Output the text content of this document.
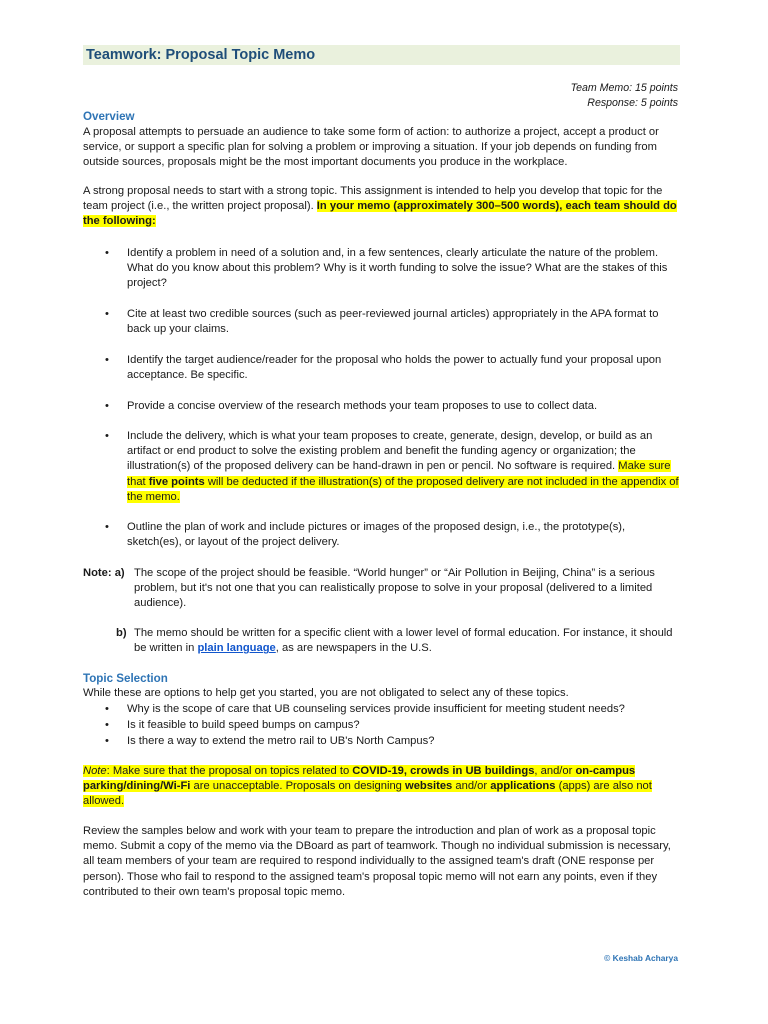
Teamwork: Proposal Topic Memo
Team Memo: 15 points
Response: 5 points
Overview
A proposal attempts to persuade an audience to take some form of action: to authorize a project, accept a product or service, or support a specific plan for solving a problem or improving a situation. If your job depends on funding from outside sources, proposals might be the most important documents you produce in the workplace.
A strong proposal needs to start with a strong topic. This assignment is intended to help you develop that topic for the team project (i.e., the written project proposal). In your memo (approximately 300–500 words), each team should do the following:
• Identify a problem in need of a solution and, in a few sentences, clearly articulate the nature of the problem. What do you know about this problem? Why is it worth funding to solve the issue? What are the stakes of this project?
• Cite at least two credible sources (such as peer-reviewed journal articles) appropriately in the APA format to back up your claims.
• Identify the target audience/reader for the proposal who holds the power to actually fund your proposal upon acceptance. Be specific.
• Provide a concise overview of the research methods your team proposes to use to collect data.
• Include the delivery, which is what your team proposes to create, generate, design, develop, or build as an artifact or end product to solve the existing problem and benefit the funding agency or organization; the illustration(s) of the proposed delivery can be hand-drawn in pen or pencil. No software is required. Make sure that five points will be deducted if the illustration(s) of the proposed delivery are not included in the appendix of the memo.
• Outline the plan of work and include pictures or images of the proposed design, i.e., the prototype(s), sketch(es), or layout of the project delivery.
Note: a) The scope of the project should be feasible. “World hunger” or “Air Pollution in Beijing, China” is a serious problem, but it's not one that you can realistically propose to solve in your proposal (delivered to a limited audience).
b) The memo should be written for a specific client with a lower level of formal education. For instance, it should be written in plain language, as are newspapers in the U.S.
Topic Selection
While these are options to help get you started, you are not obligated to select any of these topics.
• Why is the scope of care that UB counseling services provide insufficient for meeting student needs?
• Is it feasible to build speed bumps on campus?
• Is there a way to extend the metro rail to UB's North Campus?
Note: Make sure that the proposal on topics related to COVID-19, crowds in UB buildings, and/or on-campus parking/dining/Wi-Fi are unacceptable. Proposals on designing websites and/or applications (apps) are also not allowed.
Review the samples below and work with your team to prepare the introduction and plan of work as a proposal topic memo. Submit a copy of the memo via the DBoard as part of teamwork. Though no individual submission is necessary, all team members of your team are required to respond individually to the assigned team's draft (ONE response per person). Those who fail to respond to the assigned team's proposal topic memo will not earn any points, even if they contributed to their own team's proposal topic memo.
© Keshab Acharya
